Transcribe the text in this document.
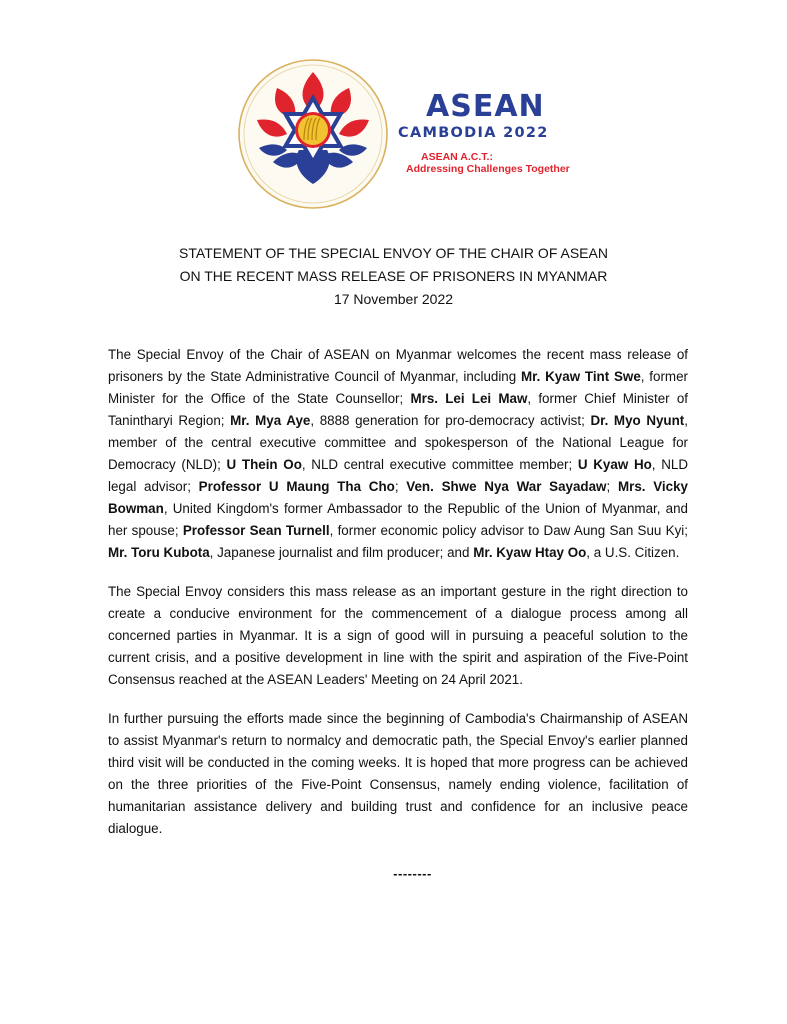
ASEAN
CAMBODIA 2022
ASEAN A.C.T.:
Addressing Challenges Together
STATEMENT OF THE SPECIAL ENVOY OF THE CHAIR OF ASEAN
ON THE RECENT MASS RELEASE OF PRISONERS IN MYANMAR
17 November 2022

The Special Envoy of the Chair of ASEAN on Myanmar welcomes the recent mass release of prisoners by the State Administrative Council of Myanmar, including Mr. Kyaw Tint Swe, former Minister for the Office of the State Counsellor; Mrs. Lei Lei Maw, former Chief Minister of Tanintharyi Region; Mr. Mya Aye, 8888 generation for pro-democracy activist; Dr. Myo Nyunt, member of the central executive committee and spokesperson of the National League for Democracy (NLD); U Thein Oo, NLD central executive committee member; U Kyaw Ho, NLD legal advisor; Professor U Maung Tha Cho; Ven. Shwe Nya War Sayadaw; Mrs. Vicky Bowman, United Kingdom's former Ambassador to the Republic of the Union of Myanmar, and her spouse; Professor Sean Turnell, former economic policy advisor to Daw Aung San Suu Kyi; Mr. Toru Kubota, Japanese journalist and film producer; and Mr. Kyaw Htay Oo, a U.S. Citizen.

The Special Envoy considers this mass release as an important gesture in the right direction to create a conducive environment for the commencement of a dialogue process among all concerned parties in Myanmar. It is a sign of good will in pursuing a peaceful solution to the current crisis, and a positive development in line with the spirit and aspiration of the Five-Point Consensus reached at the ASEAN Leaders' Meeting on 24 April 2021.

In further pursuing the efforts made since the beginning of Cambodia's Chairmanship of ASEAN to assist Myanmar's return to normalcy and democratic path, the Special Envoy's earlier planned third visit will be conducted in the coming weeks. It is hoped that more progress can be achieved on the three priorities of the Five-Point Consensus, namely ending violence, facilitation of humanitarian assistance delivery and building trust and confidence for an inclusive peace dialogue.

--------
